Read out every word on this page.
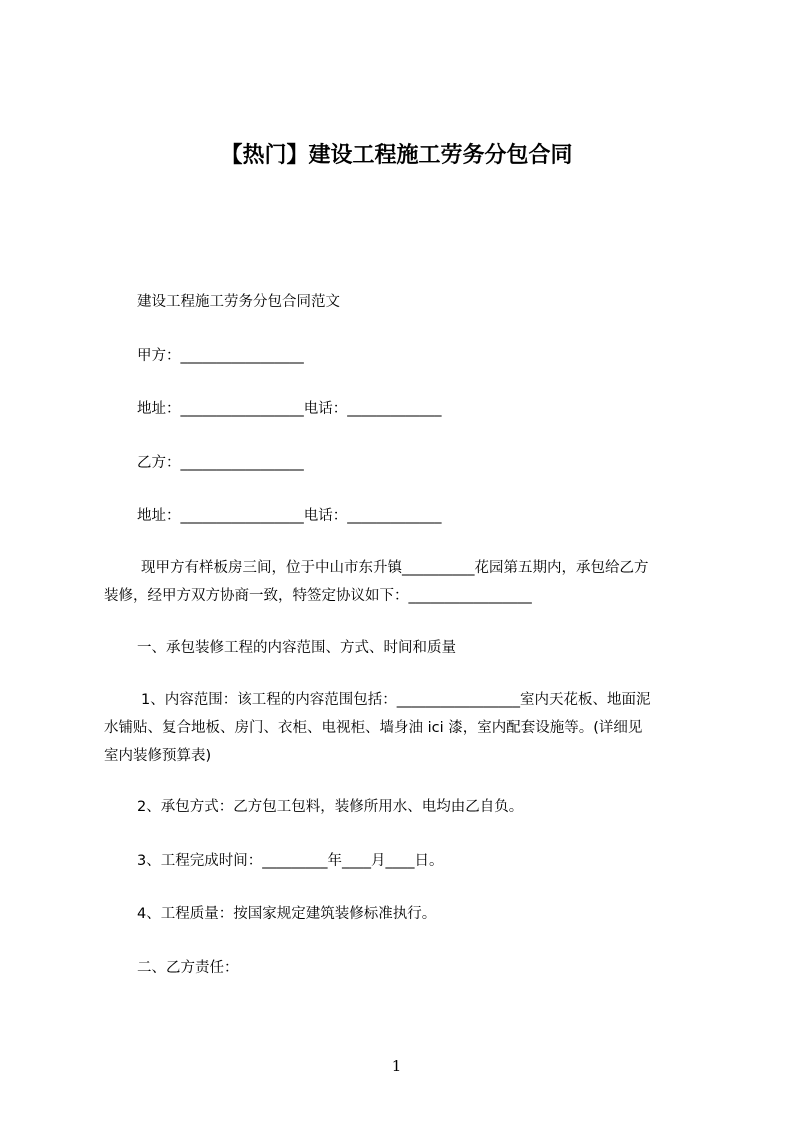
【热门】建设工程施工劳务分包合同
建设工程施工劳务分包合同范文
甲方：_________________
地址：_________________电话：_____________
乙方：_________________
地址：_________________电话：_____________
现甲方有样板房三间，位于中山市东升镇__________花园第五期内，承包给乙方
装修，经甲方双方协商一致，特签定协议如下：_________________
一、承包装修工程的内容范围、方式、时间和质量
1、内容范围：该工程的内容范围包括：_________________室内天花板、地面泥
水铺贴、复合地板、房门、衣柜、电视柜、墙身油 ici 漆，室内配套设施等。(详细见
室内装修预算表)
2、承包方式：乙方包工包料，装修所用水、电均由乙自负。
3、工程完成时间：_________年____月____日。
4、工程质量：按国家规定建筑装修标准执行。
二、乙方责任：
1
